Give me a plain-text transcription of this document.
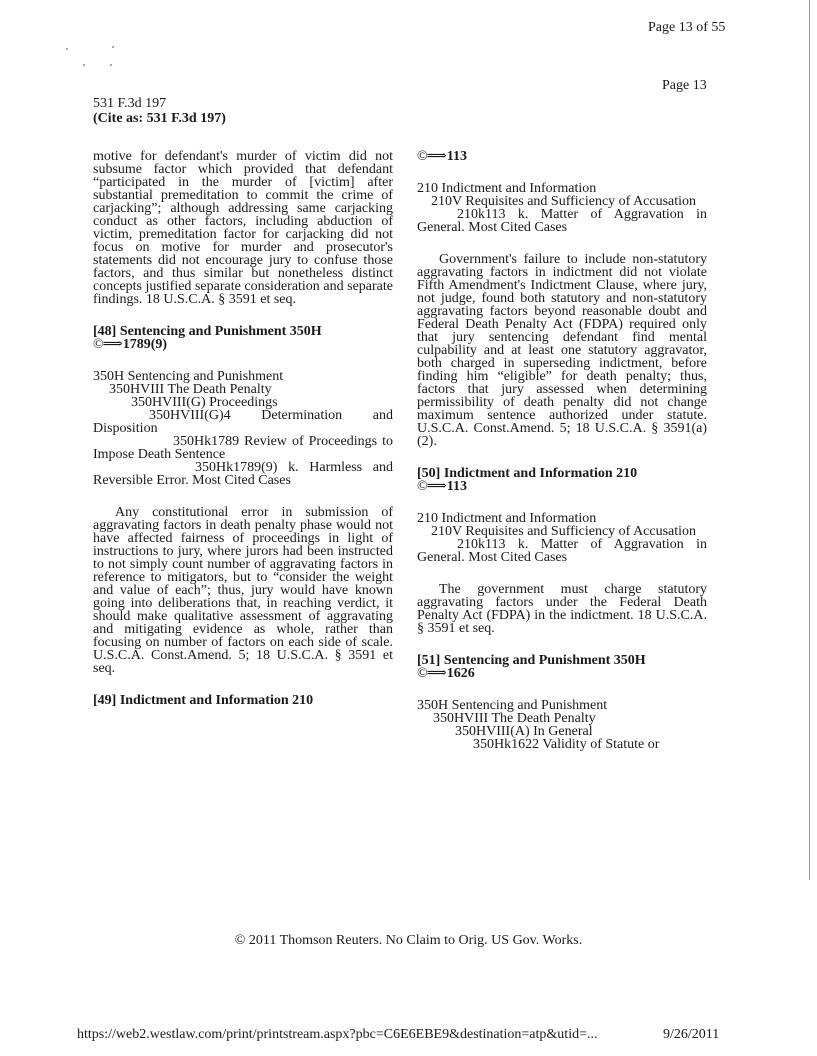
Page 13 of 55
Page 13
531 F.3d 197
(Cite as: 531 F.3d 197)

motive for defendant's murder of victim did not subsume factor which provided that defendant “participated in the murder of [victim] after substantial premeditation to commit the crime of carjacking”; although addressing same carjacking conduct as other factors, including abduction of victim, premeditation factor for carjacking did not focus on motive for murder and prosecutor's statements did not encourage jury to confuse those factors, and thus similar but nonetheless distinct concepts justified separate consideration and separate findings. 18 U.S.C.A. § 3591 et seq.

[48] Sentencing and Punishment 350H
©⟹1789(9)

350H Sentencing and Punishment

350HVIII The Death Penalty

350HVIII(G) Proceedings

350HVIII(G)4 Determination and Disposition

350Hk1789 Review of Proceedings to Impose Death Sentence

350Hk1789(9) k. Harmless and Reversible Error. Most Cited Cases

Any constitutional error in submission of aggravating factors in death penalty phase would not have affected fairness of proceedings in light of instructions to jury, where jurors had been instructed to not simply count number of aggravating factors in reference to mitigators, but to “consider the weight and value of each”; thus, jury would have known going into deliberations that, in reaching verdict, it should make qualitative assessment of aggravating and mitigating evidence as whole, rather than focusing on number of factors on each side of scale. U.S.C.A. Const.Amend. 5; 18 U.S.C.A. § 3591 et seq.

[49] Indictment and Information 210

©⟹113

210 Indictment and Information

210V Requisites and Sufficiency of Accusation

210k113 k. Matter of Aggravation in General. Most Cited Cases

Government's failure to include non-statutory aggravating factors in indictment did not violate Fifth Amendment's Indictment Clause, where jury, not judge, found both statutory and non-statutory aggravating factors beyond reasonable doubt and Federal Death Penalty Act (FDPA) required only that jury sentencing defendant find mental culpability and at least one statutory aggravator, both charged in superseding indictment, before finding him “eligible” for death penalty; thus, factors that jury assessed when determining permissibility of death penalty did not change maximum sentence authorized under statute. U.S.C.A. Const.Amend. 5; 18 U.S.C.A. § 3591(a)(2).

[50] Indictment and Information 210
©⟹113

210 Indictment and Information

210V Requisites and Sufficiency of Accusation

210k113 k. Matter of Aggravation in General. Most Cited Cases

The government must charge statutory aggravating factors under the Federal Death Penalty Act (FDPA) in the indictment. 18 U.S.C.A. § 3591 et seq.

[51] Sentencing and Punishment 350H
©⟹1626

350H Sentencing and Punishment

350HVIII The Death Penalty

350HVIII(A) In General

350Hk1622 Validity of Statute or

© 2011 Thomson Reuters. No Claim to Orig. US Gov. Works.
https://web2.westlaw.com/print/printstream.aspx?pbc=C6E6EBE9&destination=atp&utid=...	9/26/2011
